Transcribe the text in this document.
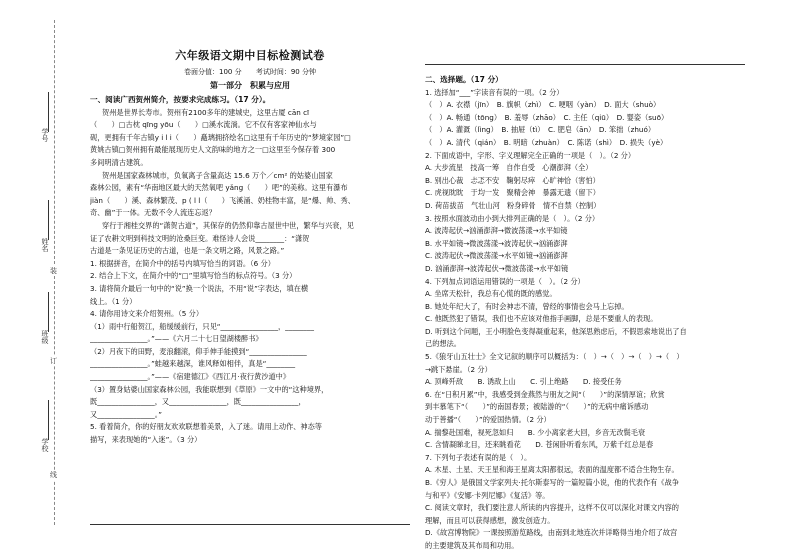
学校
班级
姓名
学号
线
订
装
六年级语文期中目标检测试卷
卷面分值：100 分 考试时间：90 分钟
第一部分　积累与应用

一、阅读广西贺州简介，按要求完成练习。（17 分）。

贺州是世界长寿市。贺州有2100多年的建城史，这里古厦 cān cī

（　　）□古枕 qīng yōu（　　）□溪水流淌。它不仅有客家神仙水与

砚，更拥有千年古镇y i l i（　　）矗璃拥挤绘名□这里有千年历史的“梦境家园”□

黄姚古镇□贺州拥有最能展现历史人文韵味的地方之一□这里至今保存着 300

多间明清古建筑。

贺州是国家森林城市，负氧离子含量高达 15.6 万个／cm² 的姑婆山国家

森林公园，素有“华南地区最大的天然氧吧 yǎng（　　）吧”的美称。这里有瀑布

jiàn（　　）溪、森林繁茂、p ( l l（　　）飞溪涌、奶桂物丰富，是“爆、帅、秀、

奇、幽”于一体。无数不令人流连忘返？

穿行于湘桂交界的“潇贺古道”，其保存的仍然仰靠古屋世中世，繁华与兴衰，见

证了农耕文明到科技文明的沧桑巨变。难怪诗人会说________：“潇贺

古道是一条见证历史的古道，也是一条文明之路，风景之路。”

1. 根据拼音，在简介中的括号内填写恰当的词语。（6 分）

2. 结合上下文，在简介中的“□”里填写恰当的标点符号。（3 分）

3. 请将简介最后一句中的“说”换一个说法，不用“说”字表达，填在横

线上。（1 分）

4. 请你用诗文来介绍贺州。（5 分）

（1）雨中行船贺江，船缓缓前行，只见“________________，________

________________。”——《六月二十七日望湖楼醉书》

（2）月夜下的田野，麦浪翻滚，仰手伸手能摸到“________________

________________。”蛙越来越深，谁风释如相伴，真是“________

________________。”——《宿建德江》《西江月·夜行黄沙道中》

（3）置身姑婆山国家森林公园，我能联想到《草原》一文中的“这种境界，

既________________，又________________，既________________，

又________________。”

5. 看着简介，你的好朋友欢欢联想着美景，入了迷。请用上动作、神态等

描写，来表现她的“入迷”。（3 分）

二、选择题。（17 分）

1. 选择加“___”字读音有误的一项。（2 分）

（　）A. 衣襟（jīn）　B. 旗帜（zhì）　C. 哽咽（yàn）　D. 面大（shuò）

（　）A. 畅通（tōng）　B. 羞辱（zhāo）　C. 主任（qiū）　D. 婴姿（suō）

（　）A. 灌溉（lìng）　B. 抽屉（tì）　C. 肥皂（ān）　D. 笨拙（zhuó）

（　）A. 清代（qián）　B. 明暗（zhuàn）　C. 陈诺（shì）　D. 损失（yè）

2. 下面成语中，字形、字义理解完全正确的一项是（　）。（2 分）

A. 大步流星　技高一筹　自作自受　心潮澎湃（全）

B. 别出心裁　忐忑不安　鞠躬尽瘁　心旷神恰（害怕）

C. 虎视眈眈　于均一发　聚精会神　暴露无遗（留下）

D. 荷苗拔苗　气壮山河　粉身碎骨　情不自禁（控制）

3. 按照水面波动由小到大排列正确的是（　）。（2 分）

A. 波涛起伏→汹涌澎湃→微波荡漾→水平如镜

B. 水平如镜→微波荡漾→波涛起伏→汹涌澎湃

C. 波涛起伏→微波荡漾→水平如镜→汹涌澎湃

D. 汹涌澎湃→波涛起伏→微波荡漾→水平如镜

4. 下列加点词语运用错误的一项是（　）。（2 分）

A. 坐席天松针，我总有心慌的既的感觉。

B. 她处年纪大了，有时会神志不清，曾经的事情也会马上忘掉。

C. 他既然犯了错误，我们也不应该对他指手画脚，总是不要重人的表现。

D. 听到这个问题，王小明脸色变得凝重起来，他深思熟虑后，不假思索地说出了自

己的想法。

5.《狼牙山五壮士》全文记叙的顺序可以概括为：（　）→（　）→（　）→（　）

→跳下悬崖。（2 分）

A. 顶峰歼敌　　B. 诱敌上山　　C. 引上绝路　　D. 接受任务

6. 在“日积月累”中，我感受到金燕然与朋友之间“（　　）”的深情厚谊；欣赏

到丰慕笔下“（　　）”的南国春景；被陆游的“（　　）”的无病中痛诉感动

动于善播“（　　）”的爱国热情。（2 分）

A. 揣黎赴国难，视死忽如归　　B. 少小离家老大回，乡音无改鬓毛衰

C. 含情凝睇北目，还来眺看花　　D. 苍闲卧听看东风，万紫千红总是春

7. 下列句子表述有误的是（　）。

A. 木星、土星、天王星和海王星离太阳都很远，表面的温度都不适合生物生存。

B.《穷人》是俄国文学家列夫·托尔斯泰写的一篇短篇小说，他的代表作有《战争

与和平》《安娜·卡列尼娜》《复活》等。

C. 阅读文章时，我们要注意人所读的内容提升，这样不仅可以深化对课文内容的

理解，而且可以获得感想，激发创造力。

D.《故宫博物院》一课按照游览路线，由南到北地连次并详略得当地介绍了故宫

的主要建筑及其布局和功用。
